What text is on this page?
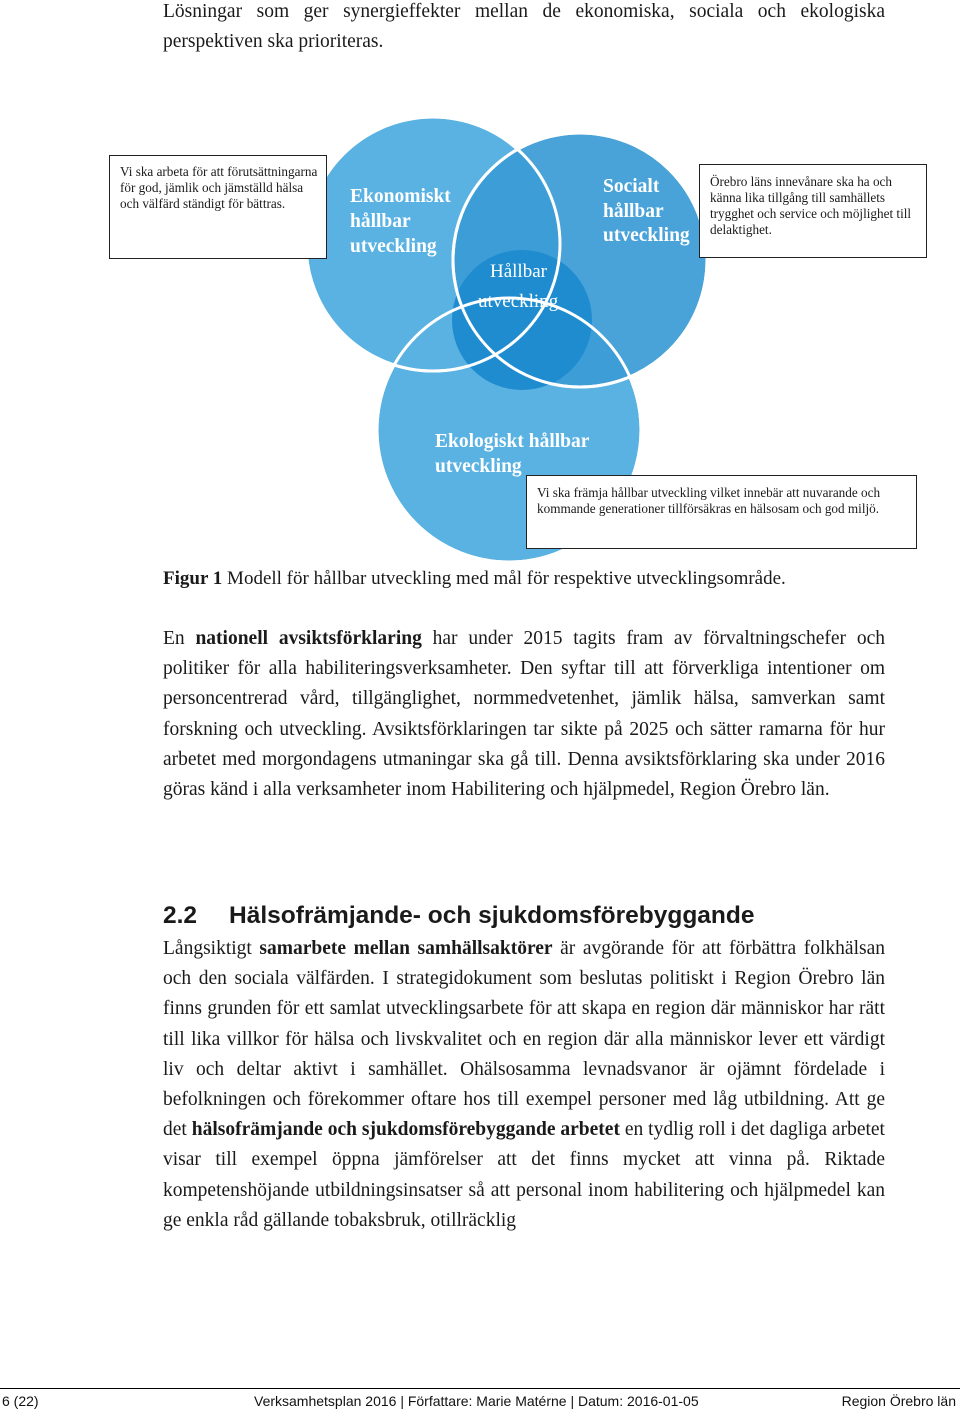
Lösningar som ger synergieffekter mellan de ekonomiska, sociala och ekologiska perspektiven ska prioriteras.

Ekonomiskt hållbar utveckling
Socialt hållbar utveckling
Hållbar utveckling
Ekologiskt hållbar utveckling
Vi ska arbeta för att förutsättningarna för god, jämlik och jämställd hälsa och välfärd ständigt för bättras.
Örebro läns innevånare ska ha och känna lika tillgång till samhällets trygghet och service och möjlighet till delaktighet.
Vi ska främja hållbar utveckling vilket innebär att nuvarande och kommande generationer tillförsäkras en hälsosam och god miljö.

Figur 1 Modell för hållbar utveckling med mål för respektive utvecklingsområde.

En nationell avsiktsförklaring har under 2015 tagits fram av förvaltningschefer och politiker för alla habiliteringsverksamheter. Den syftar till att förverkliga intentioner om personcentrerad vård, tillgänglighet, normmedvetenhet, jämlik hälsa, samverkan samt forskning och utveckling. Avsiktsförklaringen tar sikte på 2025 och sätter ramarna för hur arbetet med morgondagens utmaningar ska gå till. Denna avsiktsförklaring ska under 2016 göras känd i alla verksamheter inom Habilitering och hjälpmedel, Region Örebro län.

2.2 Hälsofrämjande- och sjukdomsförebyggande

Långsiktigt samarbete mellan samhällsaktörer är avgörande för att förbättra folkhälsan och den sociala välfärden. I strategidokument som beslutas politiskt i Region Örebro län finns grunden för ett samlat utvecklingsarbete för att skapa en region där människor har rätt till lika villkor för hälsa och livskvalitet och en region där alla människor lever ett värdigt liv och deltar aktivt i samhället. Ohälsosamma levnadsvanor är ojämnt fördelade i befolkningen och förekommer oftare hos till exempel personer med låg utbildning. Att ge det hälsofrämjande och sjukdomsförebyggande arbetet en tydlig roll i det dagliga arbetet visar till exempel öppna jämförelser att det finns mycket att vinna på. Riktade kompetenshöjande utbildningsinsatser så att personal inom habilitering och hjälpmedel kan ge enkla råd gällande tobaksbruk, otillräcklig

6 (22)	Verksamhetsplan 2016 | Författare: Marie Matérne | Datum: 2016-01-05	Region Örebro län
